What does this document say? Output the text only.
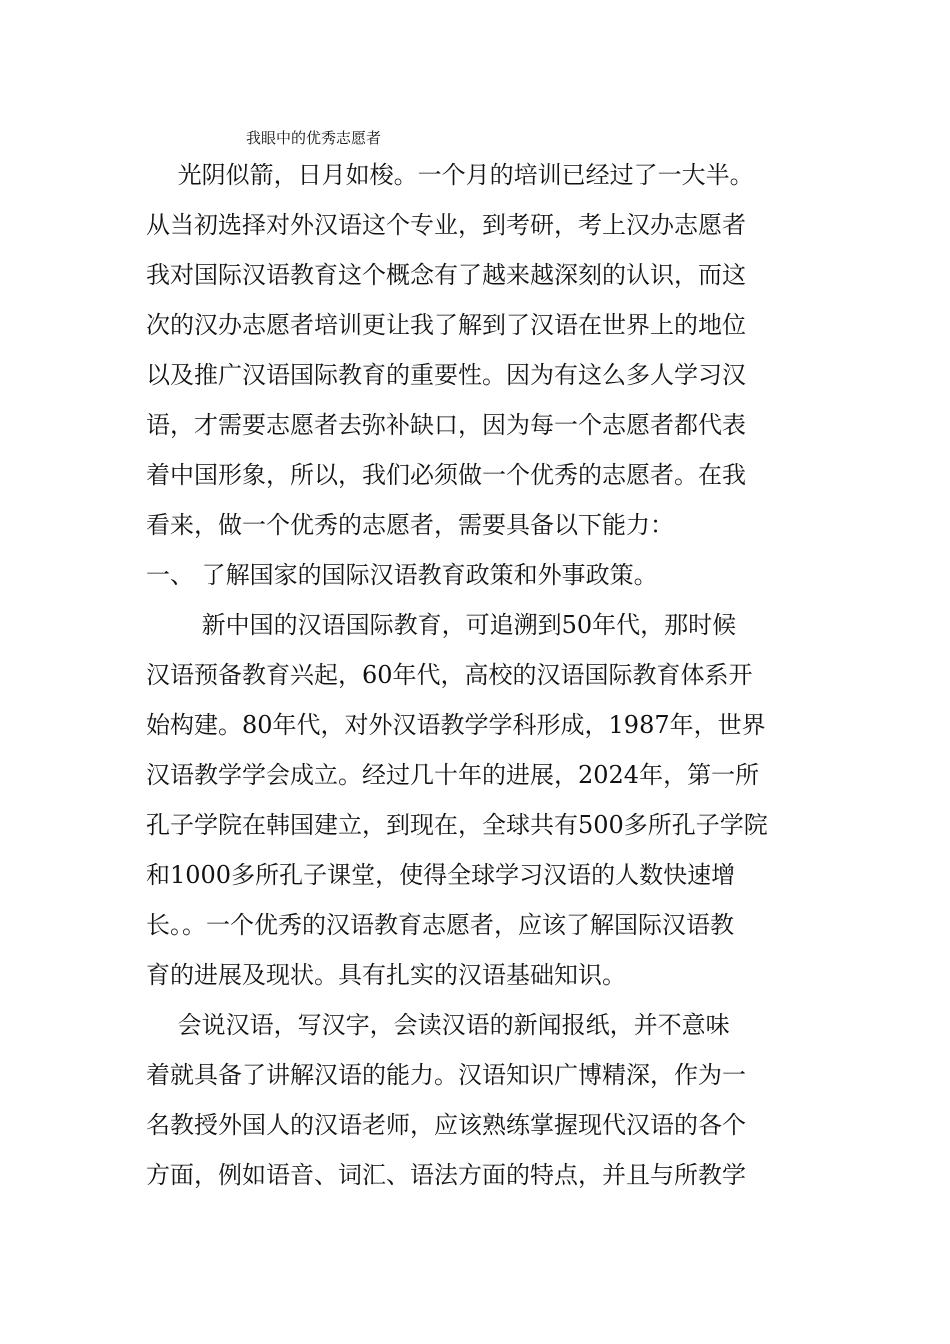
我眼中的优秀志愿者
　 光阴似箭，日月如梭。一个月的培训已经过了一大半。
从当初选择对外汉语这个专业，到考研，考上汉办志愿者
我对国际汉语教育这个概念有了越来越深刻的认识，而这
次的汉办志愿者培训更让我了解到了汉语在世界上的地位
以及推广汉语国际教育的重要性。因为有这么多人学习汉
语，才需要志愿者去弥补缺口，因为每一个志愿者都代表
着中国形象，所以，我们必须做一个优秀的志愿者。在我
看来，做一个优秀的志愿者，需要具备以下能力：
一、 了解国家的国际汉语教育政策和外事政策。
　 　新中国的汉语国际教育，可追溯到50年代，那时候
汉语预备教育兴起，60年代，高校的汉语国际教育体系开
始构建。80年代，对外汉语教学学科形成，1987年，世界
汉语教学学会成立。经过几十年的进展，2024年，第一所
孔子学院在韩国建立，到现在，全球共有500多所孔子学院
和1000多所孔子课堂，使得全球学习汉语的人数快速增
长。。一个优秀的汉语教育志愿者，应该了解国际汉语教
育的进展及现状。具有扎实的汉语基础知识。
　 会说汉语，写汉字，会读汉语的新闻报纸，并不意味
着就具备了讲解汉语的能力。汉语知识广博精深，作为一
名教授外国人的汉语老师，应该熟练掌握现代汉语的各个
方面，例如语音、词汇、语法方面的特点，并且与所教学
